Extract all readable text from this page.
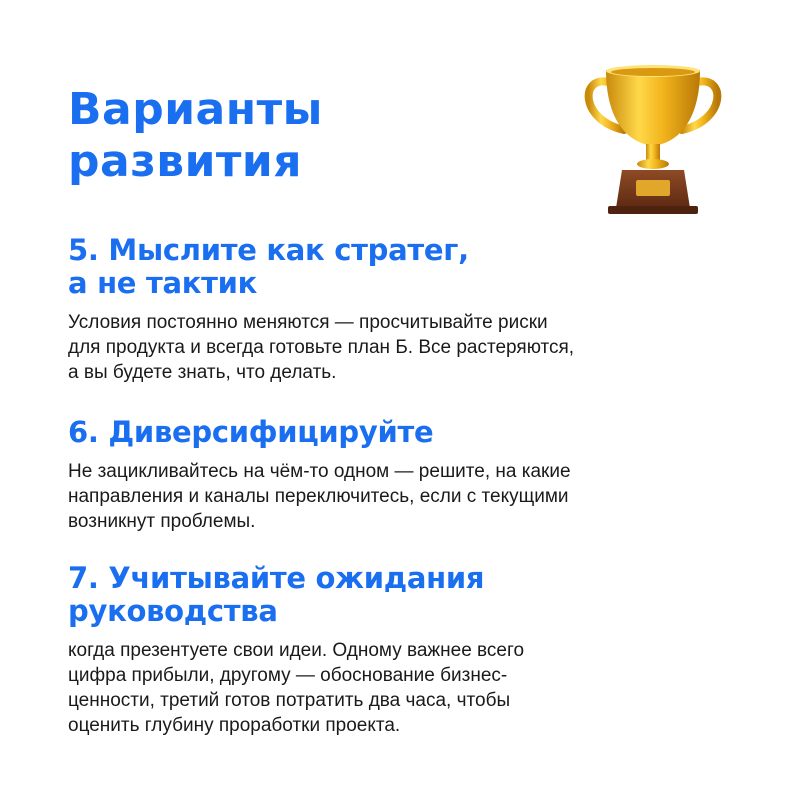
Варианты
развития
5. Мыслите как стратег,
а не тактик

Условия постоянно меняются — просчитывайте риски
для продукта и всегда готовьте план Б. Все растеряются,
а вы будете знать, что делать.

6. Диверсифицируйте

Не зацикливайтесь на чём-то одном — решите, на какие
направления и каналы переключитесь, если с текущими
возникнут проблемы.

7. Учитывайте ожидания
руководства

когда презентуете свои идеи. Одному важнее всего
цифра прибыли, другому — обоснование бизнес-
ценности, третий готов потратить два часа, чтобы
оценить глубину проработки проекта.
